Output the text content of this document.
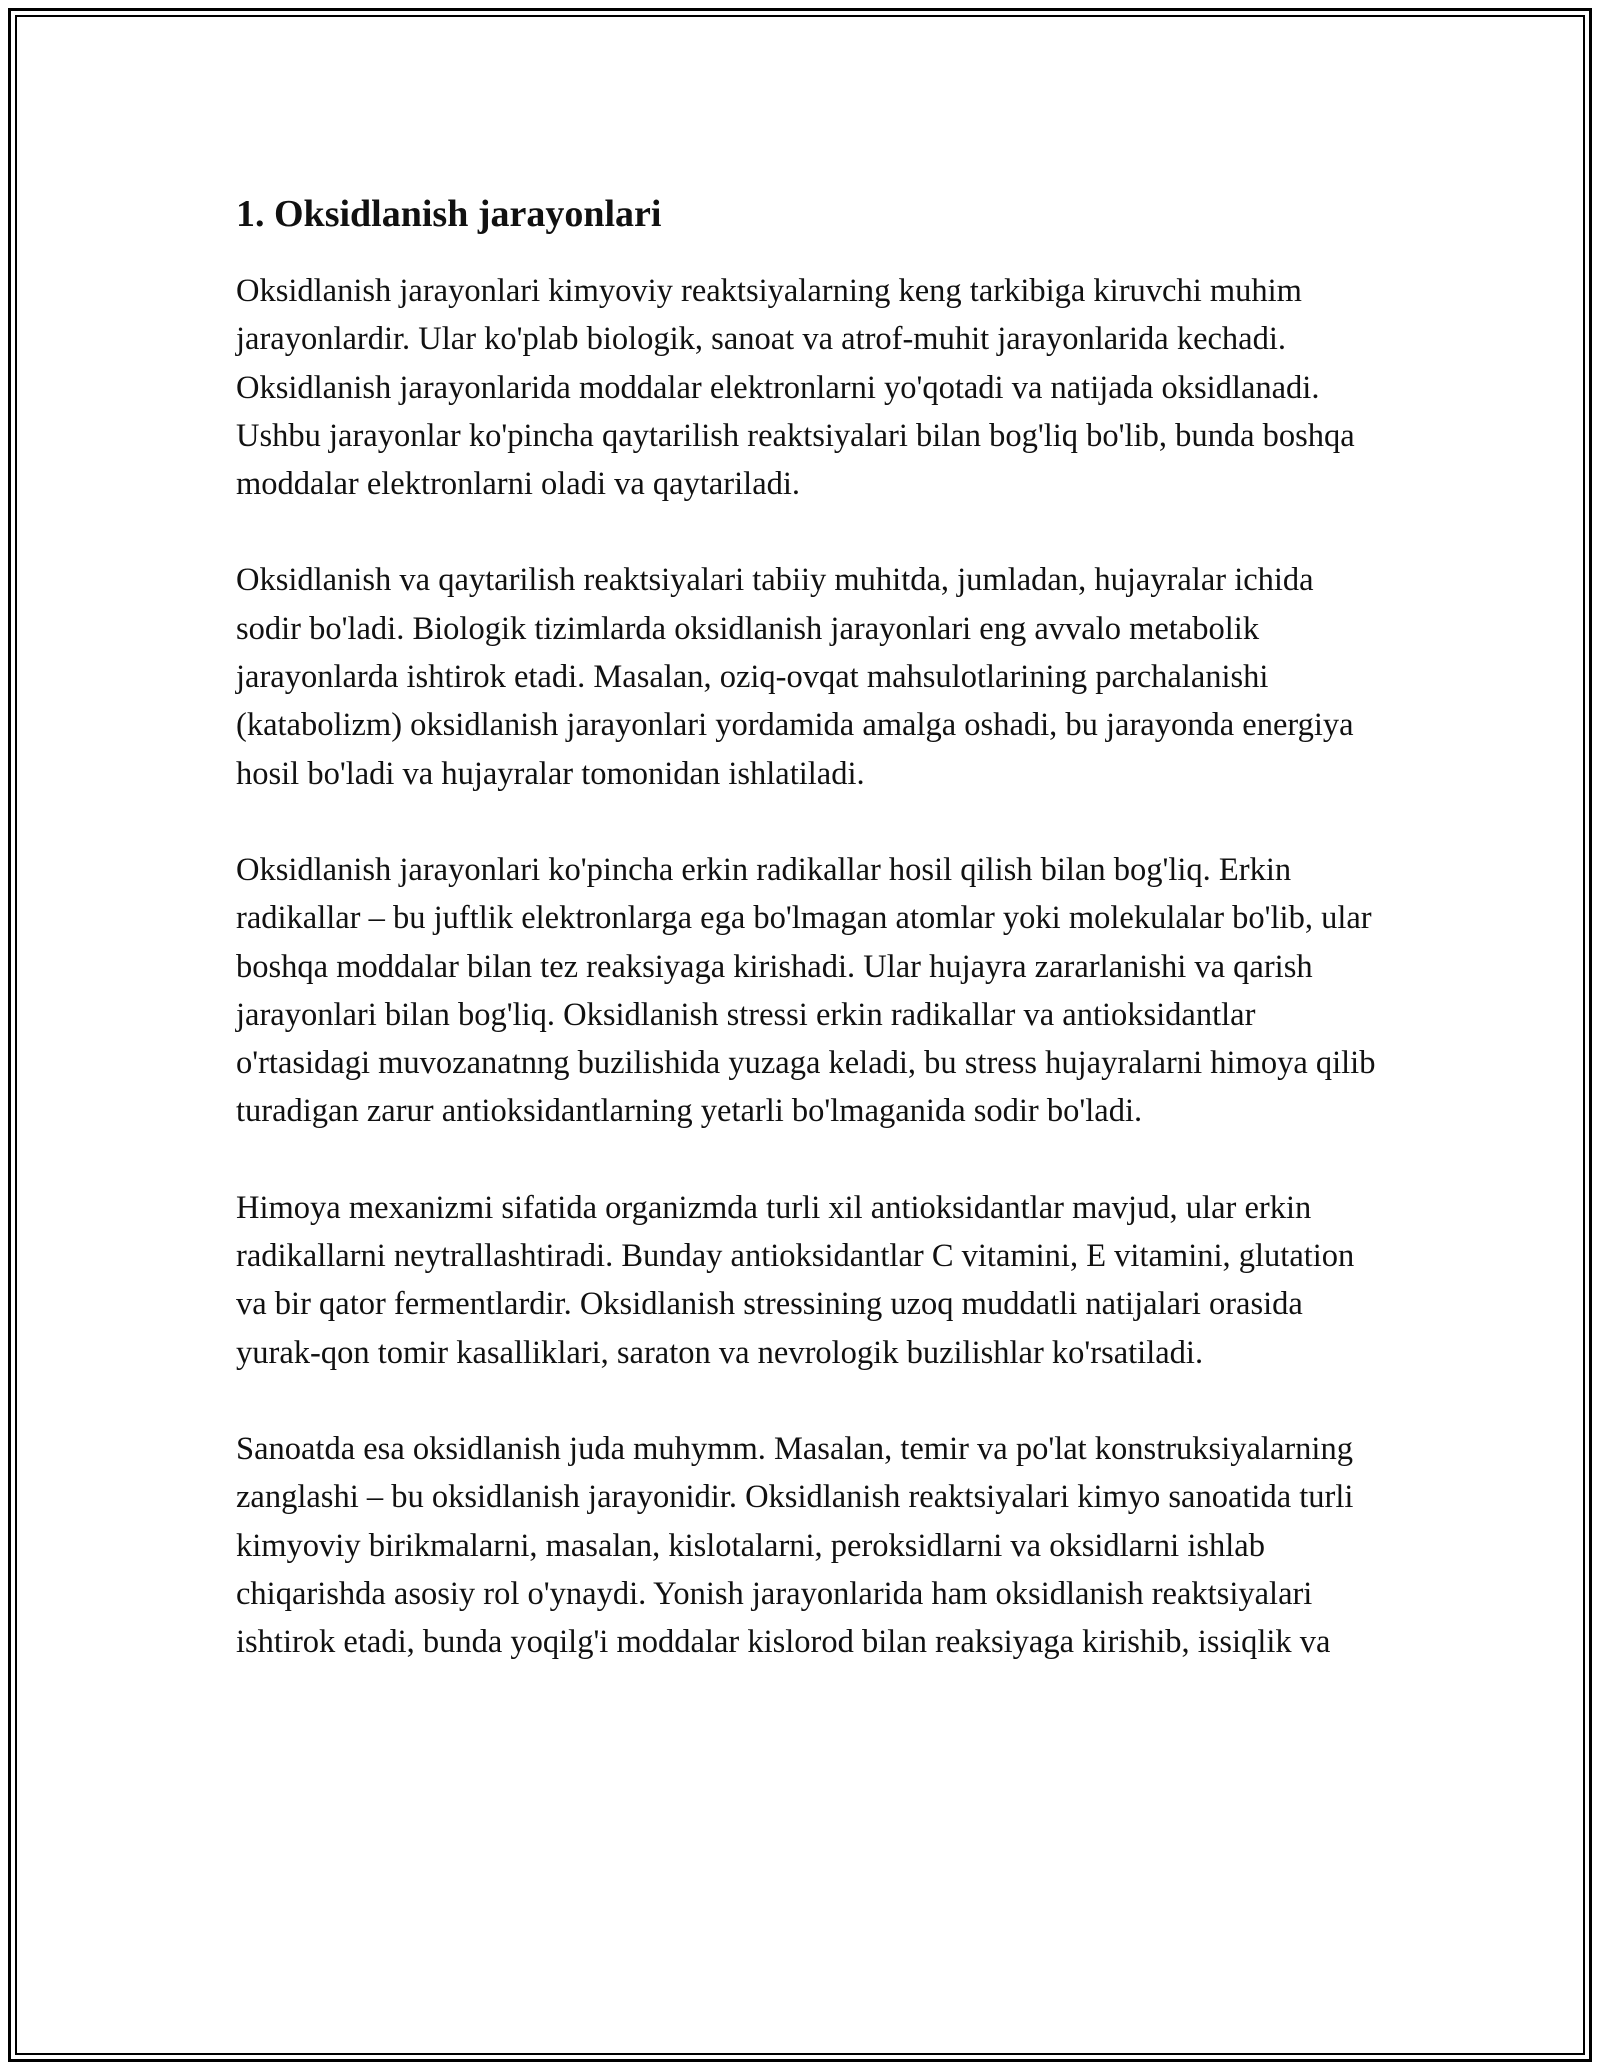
1. Oksidlanish jarayonlari

Oksidlanish jarayonlari kimyoviy reaktsiyalarning keng tarkibiga kiruvchi muhim jarayonlardir. Ular ko'plab biologik, sanoat va atrof-muhit jarayonlarida kechadi. Oksidlanish jarayonlarida moddalar elektronlarni yo'qotadi va natijada oksidlanadi. Ushbu jarayonlar ko'pincha qaytarilish reaktsiyalari bilan bog'liq bo'lib, bunda boshqa moddalar elektronlarni oladi va qaytariladi.

Oksidlanish va qaytarilish reaktsiyalari tabiiy muhitda, jumladan, hujayralar ichida sodir bo'ladi. Biologik tizimlarda oksidlanish jarayonlari eng avvalo metabolik jarayonlarda ishtirok etadi. Masalan, oziq-ovqat mahsulotlarining parchalanishi (katabolizm) oksidlanish jarayonlari yordamida amalga oshadi, bu jarayonda energiya hosil bo'ladi va hujayralar tomonidan ishlatiladi.

Oksidlanish jarayonlari ko'pincha erkin radikallar hosil qilish bilan bog'liq. Erkin radikallar – bu juftlik elektronlarga ega bo'lmagan atomlar yoki molekulalar bo'lib, ular boshqa moddalar bilan tez reaksiyaga kirishadi. Ular hujayra zararlanishi va qarish jarayonlari bilan bog'liq. Oksidlanish stressi erkin radikallar va antioksidantlar o'rtasidagi muvozanatnng buzilishida yuzaga keladi, bu stress hujayralarni himoya qilib turadigan zarur antioksidantlarning yetarli bo'lmaganida sodir bo'ladi.

Himoya mexanizmi sifatida organizmda turli xil antioksidantlar mavjud, ular erkin radikallarni neytrallashtiradi. Bunday antioksidantlar C vitamini, E vitamini, glutation va bir qator fermentlardir. Oksidlanish stressining uzoq muddatli natijalari orasida yurak-qon tomir kasalliklari, saraton va nevrologik buzilishlar ko'rsatiladi.

Sanoatda esa oksidlanish juda muhymm. Masalan, temir va po'lat konstruksiyalarning zanglashi – bu oksidlanish jarayonidir. Oksidlanish reaktsiyalari kimyo sanoatida turli kimyoviy birikmalarni, masalan, kislotalarni, peroksidlarni va oksidlarni ishlab chiqarishda asosiy rol o'ynaydi. Yonish jarayonlarida ham oksidlanish reaktsiyalari ishtirok etadi, bunda yoqilg'i moddalar kislorod bilan reaksiyaga kirishib, issiqlik va
